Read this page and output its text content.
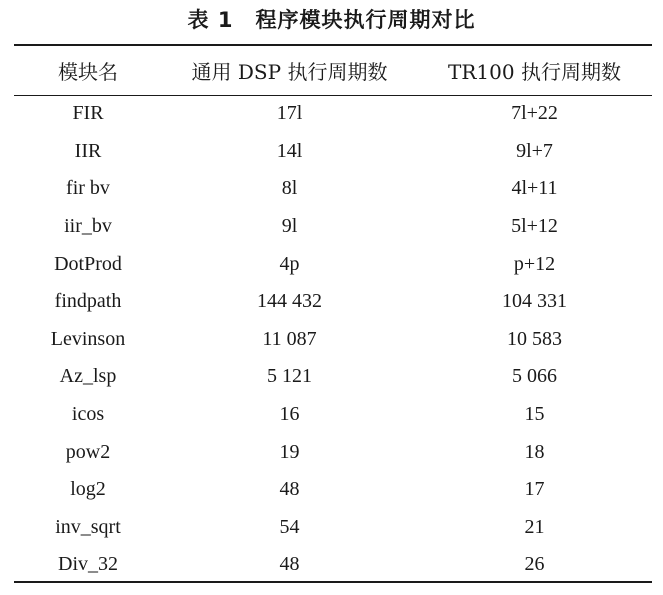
表 1 程序模块执行周期对比
模块名	通用 DSP 执行周期数	TR100 执行周期数
FIR	17l	7l+22
IIR	14l	9l+7
fir bv	8l	4l+11
iir_bv	9l	5l+12
DotProd	4p	p+12
findpath	144 432	104 331
Levinson	11 087	10 583
Az_lsp	5 121	5 066
icos	16	15
pow2	19	18
log2	48	17
inv_sqrt	54	21
Div_32	48	26
